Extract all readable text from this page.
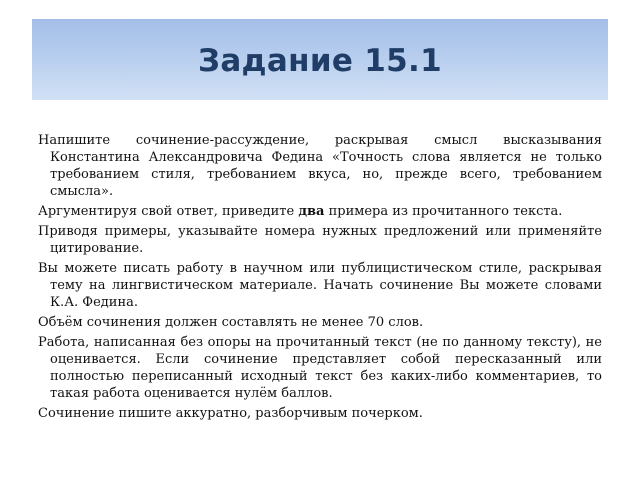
Задание 15.1

Напишите сочинение-рассуждение, раскрывая смысл высказывания Константина Александровича Федина «Точность слова является не только требованием стиля, требованием вкуса, но, прежде всего, требованием смысла».

Аргументируя свой ответ, приведите два примера из прочитанного текста.

Приводя примеры, указывайте номера нужных предложений или применяйте цитирование.

Вы можете писать работу в научном или публицистическом стиле, раскрывая тему на лингвистическом материале. Начать сочинение Вы можете словами К.А. Федина.

Объём сочинения должен составлять не менее 70 слов.

Работа, написанная без опоры на прочитанный текст (не по данному тексту), не оценивается. Если сочинение представляет собой пересказанный или полностью переписанный исходный текст без каких-либо комментариев, то такая работа оценивается нулём баллов.

Сочинение пишите аккуратно, разборчивым почерком.
